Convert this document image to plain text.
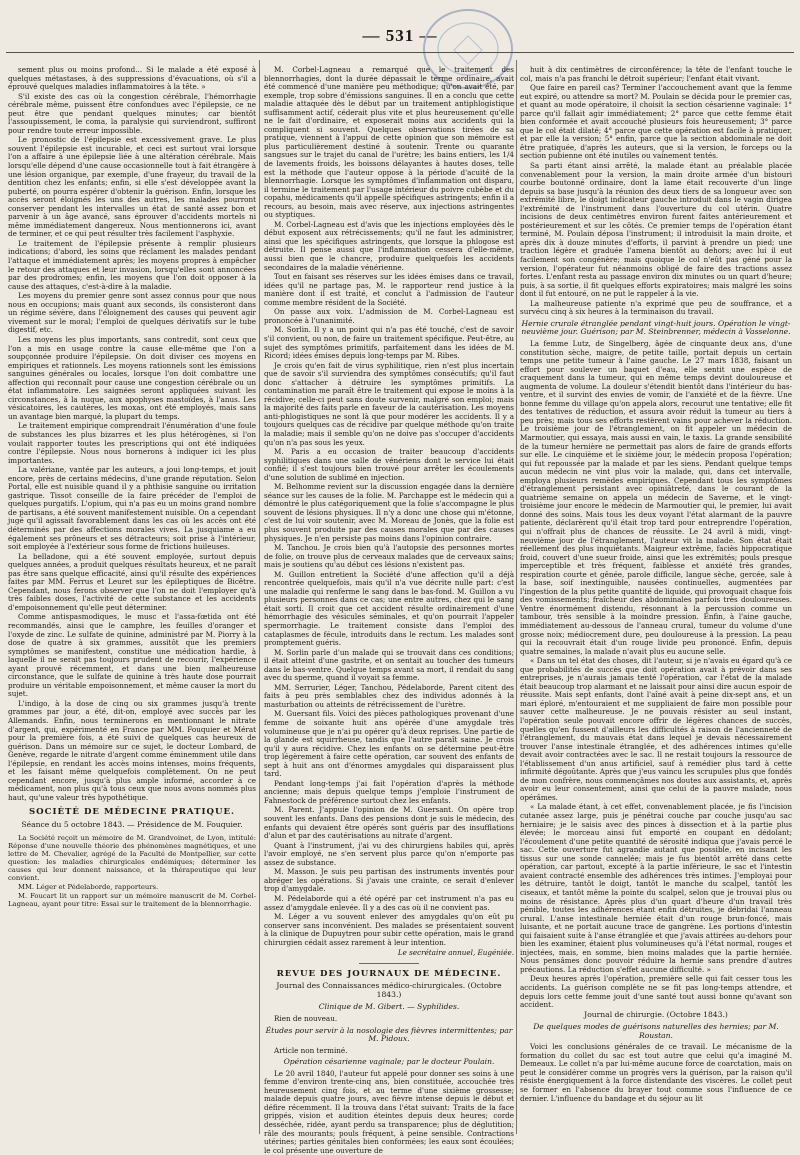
— 531 —

sement plus ou moins profond... Si le malade a été exposé à quelques métastases, à des suppressions d'évacuations, où s'il a éprouvé quelques maladies inflammatoires à la tête. »

S'il existe des cas où la congestion cérébrale, l'hémorrhagie cérébrale même, puissent être confondues avec l'épilepsie, ce ne peut être que pendant quelques minutes; car bientôt l'assoupissement, le coma, la paralysie qui surviendront, suffiront pour rendre toute erreur impossible.

Le pronostic de l'épilepsie est excessivement grave. Le plus souvent l'épilepsie est incurable, et ceci est surtout vrai lorsque l'on a affaire à une épilepsie liée à une altération cérébrale. Mais lorsqu'elle dépend d'une cause occasionnelle tout à fait étrangère à une lésion organique, par exemple, d'une frayeur, du travail de la dentition chez les enfants; enfin, si elle s'est développée avant la puberté, on pourra espérer d'obtenir la guérison. Enfin, lorsque les accès seront éloignés les uns des autres, les malades pourront conserver pendant les intervalles un état de santé assez bon et parvenir à un âge avancé, sans éprouver d'accidents mortels ni même immédiatement dangereux. Nous mentionnerons ici, avant de terminer, et ce qui peut résulter très facilement l'asphyxie.

Le traitement de l'épilepsie présente à remplir plusieurs indications; d'abord, les soins que réclament les malades pendant l'attaque et immédiatement après; les moyens propres à empêcher le retour des attaques et leur invasion, lorsqu'elles sont annoncées par des prodromes; enfin, les moyens que l'on doit opposer à la cause des attaques, c'est-à-dire à la maladie.

Les moyens du premier genre sont assez connus pour que nous nous en occupions; mais quant aux seconds, ils consisteront dans un régime sévère, dans l'éloignement des causes qui peuvent agir vivement sur le moral; l'emploi de quelques dérivatifs sur le tube digestif, etc.

Les moyens les plus importants, sans contredit, sont ceux que l'on a mis en usage contre la cause elle-même que l'on a soupçonnée produire l'épilepsie. On doit diviser ces moyens en empiriques et rationnels. Les moyens rationnels sont les émissions sanguines générales ou locales, lorsque l'on doit combattre une affection qui reconnaît pour cause une congestion cérébrale ou un état inflammatoire. Les saignées seront appliquées suivant les circonstances, à la nuque, aux apophyses mastoïdes, à l'anus. Les vésicatoires, les cautères, les moxas, ont été employés, mais sans un avantage bien marqué, la plupart du temps.

Le traitement empirique comprendrait l'énumération d'une foule de substances les plus bizarres et les plus hétérogènes, si l'on voulait rapporter toutes les prescriptions qui ont été indiquées contre l'épilepsie. Nous nous bornerons à indiquer ici les plus importantes.

La valériane, vantée par les auteurs, a joui long-temps, et jouit encore, près de certains médecins, d'une grande réputation. Selon Portal, elle est nuisible quand il y a phthisie sanguine ou irritation gastrique. Tissot conseille de la faire précéder de l'emploi de quelques purgatifs. L'opium, qui n'a pas eu un moins grand nombre de partisans, a été souvent manifestement nuisible. On a cependant jugé qu'il agissait favorablement dans les cas où les accès ont été déterminés par des affections morales vives. La jusquiame a eu également ses prôneurs et ses détracteurs; soit prise à l'intérieur, soit employée à l'extérieur sous forme de frictions huileuses.

La belladone, qui a été souvent employée, surtout depuis quelques années, a produit quelques résultats heureux, et ne paraît pas être sans quelque efficacité, ainsi qu'il résulte des expériences faites par MM. Ferrus et Leuret sur les épileptiques de Bicêtre. Cependant, nous ferons observer que l'on ne doit l'employer qu'à très faibles doses, l'activité de cette substance et les accidents d'empoisonnement qu'elle peut déterminer.

Comme antispasmodiques, le musc et l'assa-fœtida ont été recommandés, ainsi que le camphre, les feuilles d'oranger et l'oxyde de zinc. Le sulfate de quinine, administré par M. Piorry à la dose de quatre à six grammes, aussitôt que les premiers symptômes se manifestent, constitue une médication hardie, à laquelle il ne serait pas toujours prudent de recourir, l'expérience ayant prouvé récemment, et dans une bien malheureuse circonstance, que le sulfate de quinine à très haute dose pourrait produire un véritable empoisonnement, et même causer la mort du sujet.

L'indigo, à la dose de cinq ou six grammes jusqu'à trente grammes par jour, a été, dit-on, employé avec succès par les Allemands. Enfin, nous terminerons en mentionnant le nitrate d'argent, qui, expérimenté en France par MM. Fouquier et Mérat pour la première fois, a été suivi de quelques cas heureux de guérison. Dans un mémoire sur ce sujet, le docteur Lombard, de Genève, regarde le nitrate d'argent comme éminemment utile dans l'épilepsie, en rendant les accès moins intenses, moins fréquents, et les faisant même quelquefois complètement. On ne peut cependant encore, jusqu'à plus ample informé, accorder à ce médicament, non plus qu'à tous ceux que nous avons nommés plus haut, qu'une valeur très hypothétique.

SOCIÉTÉ DE MÉDECINE PRATIQUE.
Séance du 5 octobre 1843. — Présidence de M. Fouquier.

La Société reçoit un mémoire de M. Grandvoinet, de Lyon, intitulé: Réponse d'une nouvelle théorie des phénomènes magnétiques, et une lettre de M. Chevalier, agrégé de la Faculté de Montpellier, sur cette question: les maladies chirurgicales endémiques; déterminer les causes qui leur donnent naissance, et la thérapeutique qui leur convient.

MM. Léger et Pédelaborde, rapporteurs.

M. Foucart lit un rapport sur un mémoire manuscrit de M. Corbel-Lagneau, ayant pour titre: Essai sur le traitement de la blennorrhagie.

M. Corbel-Lagneau a remarqué que le traitement des blennorrhagies, dont la durée dépassait le terme ordinaire, avait été commencé d'une manière peu méthodique; qu'on avait été, par exemple, trop sobre d'émissions sanguines. Il en a conclu que cette maladie attaquée dès le début par un traitement antiphlogistique suffisamment actif, céderait plus vite et plus heureusement qu'elle ne le fait d'ordinaire, et exposerait moins aux accidents qui la compliquent si souvent. Quelques observations tirées de sa pratique, viennent à l'appui de cette opinion que son mémoire est plus particulièrement destiné à soutenir. Trente ou quarante sangsues sur le trajet du canal de l'urètre; les bains entiers, les 1/4 de lavements froids, les boissons délayantes à hautes doses, telle est la méthode que l'auteur oppose à la période d'acuité de la blennorrhagie. Lorsque les symptômes d'inflammation ont disparu, il termine le traitement par l'usage intérieur du poivre cubèbe et du copahu, médicaments qu'il appelle spécifiques astringents; enfin il a recours, au besoin, mais avec réserve, aux injections astringentes ou styptiques.

M. Corbel-Lagneau est d'avis que les injections employées dès le début exposent aux rétrécissements; qu'il ne faut les administrer, ainsi que les spécifiques astringents, que lorsque la phlogose est détruite. Il pense aussi que l'inflammation cessera d'elle-même, aussi bien que le chancre, produire quelquefois les accidents secondaires de la maladie vénérienne.

Tout en faisant ses réserves sur les idées émises dans ce travail, idées qu'il ne partage pas, M. le rapporteur rend justice à la manière dont il est traité, et conclut à l'admission de l'auteur comme membre résident de la Société.

On passe aux voix. L'admission de M. Corbel-Lagneau est prononcée à l'unanimité.

M. Sorlin. Il y a un point qui n'a pas été touché, c'est de savoir s'il convient, ou non, de faire un traitement spécifique. Peut-être, au sujet des symptômes primitifs, parfaitement dans les idées de M. Ricord; idées émises depuis long-temps par M. Ribes.

Je crois qu'en fait de virus syphilitique, rien n'est plus incertain que de savoir s'il surviendra des symptômes consécutifs; qu'il faut donc s'attacher à détruire les symptômes primitifs. La contamination me paraît être le traitement qui expose le moins à la récidive; celle-ci peut sans doute survenir, malgré son emploi; mais la majorité des faits parle en faveur de la cautérisation. Les moyens anti-phlogistiques ne sont là que pour modérer les accidents. Il y a toujours quelques cas de récidive par quelque méthode qu'on traite la maladie; mais il semble qu'on ne doive pas s'occuper d'accidents qu'on n'a pas sous les yeux.

M. Paris a eu occasion de traiter beaucoup d'accidents syphilitiques dans une salle de vénériens dont le service lui était confié; il s'est toujours bien trouvé pour arrêter les écoulements d'une solution de sublimé en injection.

M. Belhomme revient sur la discussion engagée dans la dernière séance sur les causes de la folie. M. Parchappe est le médecin qui a démontré le plus catégoriquement que la folie s'accompagne le plus souvent de lésions physiques. Il n'y a donc une chose qui m'étonne, c'est de lui voir soutenir, avec M. Moreau de Jonès, que la folie est plus souvent produite par des causes morales que par des causes physiques. Je n'en persiste pas moins dans l'opinion contraire.

M. Tanchou. Je crois bien qu'à l'autopsie des personnes mortes de folie, on trouve plus de cerveaux malades que de cerveaux sains; mais je soutiens qu'au début ces lésions n'existent pas.

M. Guillon entretient la Société d'une affection qu'il a déjà rencontrée quelquefois, mais qu'il n'a vue décrite nulle part: c'est une maladie qui renferme le sang dans le bas-fond. M. Guillon a vu plusieurs personnes dans ce cas; une entre autres, chez qui le sang était sorti. Il croit que cet accident résulte ordinairement d'une hémorrhagie des vésicules séminales, et qu'on pourrait l'appeler spermorrhagie. Le traitement consiste dans l'emploi des cataplasmes de fécule, introduits dans le rectum. Les malades sont promptement guéris.

M. Sorlin parle d'un malade qui se trouvait dans ces conditions; il était atteint d'une gastrite, et on sentait au toucher des tumeurs dans le bas-ventre. Quelque temps avant sa mort, il rendait du sang avec du sperme, quand il voyait sa femme.

MM. Serrurier, Léger, Tanchou, Pédelaborde, Parent citent des faits à peu près semblables chez des individus adonnés à la masturbation ou atteints de rétrécissement de l'urètre.

M. Guersant fils. Voici des pièces pathologiques provenant d'une femme de soixante huit ans opérée d'une amygdale très volumineuse que je n'ai pu opérer qu'à deux reprises. Une partie de la glande est squirrheuse, tandis que l'autre paraît saine. Je crois qu'il y aura récidive. Chez les enfants on se détermine peut-être trop légèrement à faire cette opération, car souvent des enfants de sept à huit ans ont d'énormes amygdales qui disparaissent plus tard.

Pendant long-temps j'ai fait l'opération d'après la méthode ancienne; mais depuis quelque temps j'emploie l'instrument de Fahnestock de préférence surtout chez les enfants.

M. Parent. J'appuie l'opinion de M. Guersant. On opère trop souvent les enfants. Dans des pensions dont je suis le médecin, des enfants qui devaient être opérés sont guéris par des insufflations d'alun et par des cautérisations au nitrate d'argent.

Quant à l'instrument, j'ai vu des chirurgiens habiles qui, après l'avoir employé, ne s'en servent plus parce qu'on n'emporte pas assez de substance.

M. Masson. Je suis peu partisan des instruments inventés pour abréger les opérations. Si j'avais une crainte, ce serait d'enlever trop d'amygdale.

M. Pédelaborde qui a été opéré par cet instrument n'a pas eu assez d'amygdale enlevée. Il y a des cas où il ne convient pas.

M. Léger a vu souvent enlever des amygdales qu'on eût pu conserver sans inconvénient. Des malades se présentaient souvent à la clinique de Dupuytren pour subir cette opération, mais le grand chirurgien cédait assez rarement à leur intention.

Le secrétaire annuel, Eugéniée.
REVUE DES JOURNAUX DE MÉDECINE.
Journal des Connaissances médico-chirurgicales. (Octobre 1843.)
Clinique de M. Gibert. — Syphilides.

Rien de nouveau.

Études pour servir à la nosologie des fièvres intermittentes; par M. Pidoux.

Article non terminé.

Opération césarienne vaginale; par le docteur Poulain.

Le 20 avril 1840, l'auteur fut appelé pour donner ses soins à une femme d'environ trente-cinq ans, bien constituée, accouchée très heureusement cinq fois, et au terme d'une sixième grossesse; malade depuis quatre jours, avec fièvre intense depuis le début et défire récemment. Il la trouva dans l'état suivant: Traits de la face grippés, vision et audition éteintes depuis deux heures; corde desséchée, ridée, ayant perdu sa transparence; plus de déglutition; râle des mourants; pouls fréquent, à peine sensible. Contractions utérines; parties génitales bien conformées; les eaux sont écoulées; le col présente une ouverture de

huit à dix centimètres de circonférence; la tête de l'enfant touche le col, mais n'a pas franchi le détroit supérieur; l'enfant était vivant.

Que faire en pareil cas? Terminer l'accouchement avant que la femme eut expiré, ou attendre sa mort? M. Poulain se décida pour le premier cas, et quant au mode opératoire, il choisit la section césarienne vaginale: 1° parce qu'il fallait agir immédiatement; 2° parce que cette femme était bien conformée et avait accouché plusieurs fois heureusement; 3° parce que le col était dilaté; 4° parce que cette opération est facile à pratiquer, et par elle la version; 5° enfin, parce que la section abdominale ne doit être pratiquée, d'après les auteurs, que si la version, le forceps ou la section pubienne ont été inutiles ou vainement tentés.

Sa parti étant ainsi arrêté, la malade étant au préalable placée convenablement pour la version, la main droite armée d'un bistouri courbe boutonné ordinaire, dont la lame était recouverte d'un linge depuis sa base jusqu'à la réunion des deux tiers de sa longueur avec son extrémité libre, le doigt indicateur gauche introduit dans le vagin dirigea l'extrémité de l'instrument dans l'ouverture du col utérin. Quatre incisions de deux centimètres environ furent faites antérieurement et postérieurement et sur les côtés. Ce premier temps de l'opération étant terminé, M. Poulain déposa l'instrument; il introduisit la main droite, et après dix à douze minutes d'efforts, il parvint à prendre un pied; une traction légère et graduée l'amena bientôt au dehors; avec lui il eut facilement son congénère; mais quoique le col n'eût pas géné pour la version, l'opérateur fut néanmoins obligé de faire des tractions assez fortes. L'enfant resta au passage environ dix minutes ou un quart d'heure; puis, à sa sortie, il fit quelques efforts expiratoires; mais malgré les soins dont il fut entouré, on ne put le rappeler à la vie.

La malheureuse patiente n'a exprimé que peu de souffrance, et a survécu cinq à six heures à la terminaison du travail.

Hernie crurale étranglée pendant vingt-huit jours. Opération le vingt-neuvième jour. Guérison; par M. Steinbrenner, médecin à Vasselonne.

La femme Lutz, de Singelberg, âgée de cinquante deux ans, d'une constitution sèche, maigre, de petite taille, portait depuis un certain temps une petite tumeur à l'aine gauche. Le 27 mars 1838, faisant un effort pour soulever un baquet d'eau, elle sentit une espèce de craquement dans la tumeur, qui en même temps devint douloureuse et augmenta de volume. La douleur s'étendit bientôt dans l'intérieur du bas-ventre, et il survint des envies de vomir, de l'anxiété et de la fièvre. Une bonne femme du village qu'on appela alors, recourut une tentative; elle fit des tentatives de réduction, et assura avoir réduit la tumeur au tiers à peu près; mais tous ses efforts restèrent vains pour achever la réduction. Le troisième jour de l'étranglement, on fit appeler un médecin de Marmoutier, qui essaya, mais aussi en vain, le taxis. La grande sensibilité de la tumeur hernière ne permettait pas alors de faire de grands efforts sur elle. Le cinquième et le sixième jour, le médecin proposa l'opération; qui fut repoussée par la malade et par les siens. Pendant quelque temps aucun médecin ne vint plus voir la malade, qui, dans cet intervalle, employa plusieurs remèdes empiriques. Cependant tous les symptômes d'étranglement persistant avec opiniâtreté, dans le courant de la quatrième semaine on appela un médecin de Saverne, et le vingt-troisième jour encore le médecin de Marmoutier qui, le premier, lui avait donné des soins. Mais tous les deux voyant l'état alarmant de la pauvre patiente, déclarèrent qu'il était trop tard pour entreprendre l'opération, qui n'offrait plus de chances de réussite. Le 24 avril à midi, vingt-neuvième jour de l'étranglement, l'auteur vit la malade. Son état était réellement des plus inquiétants. Maigreur extrême, faciès hippocratique froid, couvert d'une sueur froide, ainsi que les extrémités; pouls presque imperceptible et très fréquent, faiblesse et anxiété très grandes, respiration courte et gênée, parole difficile, langue sèche, gercée, sale à la base, soif inextinguible, nausées continuelles, augmentées par l'ingestion de la plus petite quantité de liquide, qui provoquait chaque fois des vomissements; fraîcheur des abdominales parfois très douloureuses. Ventre énormément distendu, résonnant à la percussion comme un tambour, très sensible à la moindre pression. Enfin, à l'aine gauche, immédiatement au-dessous de l'anneau crural, tumeur du volume d'une grosse noix; médiocrement dure, peu douloureuse à la pression. La peau qui la recouvrait était d'un rouge livide peu prononcé. Enfin, depuis quatre semaines, la malade n'avait plus eu aucune selle.

« Dans un tel état des choses, dit l'auteur, si je n'avais eu égard qu'à ce que probabilités de succès que doit opération avait à prévoir dans ses entreprises, je n'aurais jamais tenté l'opération, car l'état de la malade était beaucoup trop alarmant et ne laissait pour ainsi dire aucun espoir de réussite. Mais sept enfants, dont l'aîné avait à peine dix-sept ans, et un mari éploré, m'entouraient et me suppliaient de faire mon possible pour sauver cette malheureuse. Je ne pouvais résister au seul instant, l'opération seule pouvait encore offrir de légères chances de succès, quelles qu'en fussent d'ailleurs les difficultés à raison de l'ancienneté de l'étranglement, du mauvais état dans lequel je devais nécessairement trouver l'anse intestinale étranglée, et des adhérences intimes qu'elle devait avoir contractées avec le sac. Il ne restait toujours la ressource de l'établissement d'un anus artificiel, sauf à remédier plus tard à cette infirmité dégoûtante. Après que j'eus vaincu les scrupules plus que fondés de mon confrère, nous commençâmes nos doutes aux assistants, et, après avoir eu leur consentement, ainsi que celui de la pauvre malade, nous opérâmes.

« La malade étant, à cet effet, convenablement placée, je fis l'incision cutanée assez large, puis je pénétrai couche par couche jusqu'au sac herniaire; je le saisis avec des pinces à dissection et à la partie plus élevée; le morceau ainsi fut emporté en coupant en dédolant; l'écoulement d'une petite quantité de sérosité indiqua que j'avais percé le sac. Cette ouverture fut agrandie autant que possible, en incisant les tissus sur une sonde cannelée; mais je fus bientôt arrêté dans cette opération, car partout, excepté à la partie inférieure, le sac et l'intestin avaient contracté ensemble des adhérences très intimes. J'employai pour les détruire, tantôt le doigt, tantôt le manche du scalpel, tantôt les ciseaux, et tantôt même la pointe du scalpel, selon que je trouvai plus ou moins de résistance. Après plus d'un quart d'heure d'un travail très pénible, toutes les adhérences étant enfin détruites, je débridai l'anneau crural. L'anse intestinale herniée était d'un rouge brun-foncé, mais luisante, et ne portait aucune trace de gangrène. Les portions d'intestin qui faisaient suite à l'anse étranglée et que j'avais attirées au-dehors pour bien les examiner, étaient plus volumineuses qu'à l'état normal, rouges et injectées, mais, en somme, bien moins malades que la partie herniée. Nous pensâmes donc pouvoir réduire la hernie sans prendre d'autres précautions. La réduction s'effet aucune difficulté. »

Deux heures après l'opération, première selle qui fait cesser tous les accidents. La guérison complète ne se fit pas long-temps attendre, et depuis lors cette femme jouit d'une santé tout aussi bonne qu'avant son accident.

Journal de chirurgie. (Octobre 1843.)
De quelques modes de guérisons naturelles des hernies; par M. Roustan.

Voici les conclusions générales de ce travail. Le mécanisme de la formation du collet du sac est tout autre que celui qu'a imaginé M. Demeaux. Le collet n'a par lui-même aucune force de coarctation, mais on peut le considérer comme un progrès vers la guérison, par la raison qu'il résiste énergiquement à la force distendante des viscères. Le collet peut se former en l'absence du brayer tout comme sous l'influence de ce dernier. L'influence du bandage et du séjour au lit
